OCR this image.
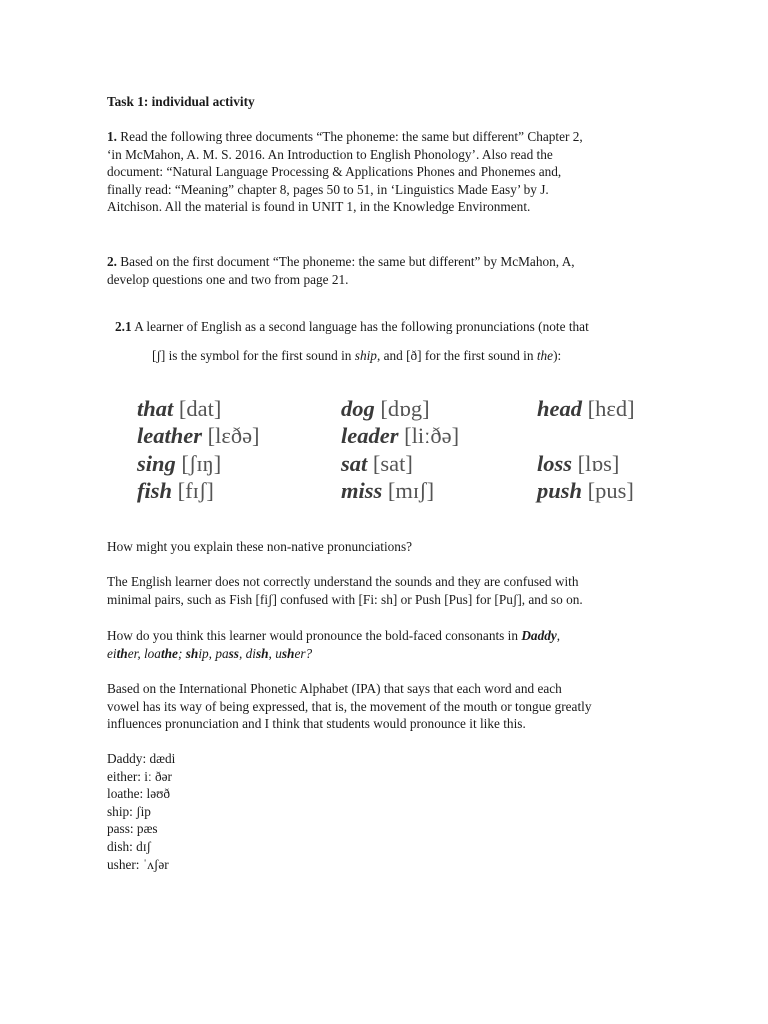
Task 1: individual activity

1. Read the following three documents “The phoneme: the same but different” Chapter 2,
‘in McMahon, A. M. S. 2016. An Introduction to English Phonology’. Also read the
document: “Natural Language Processing & Applications Phones and Phonemes and,
finally read: “Meaning” chapter 8, pages 50 to 51, in ‘Linguistics Made Easy’ by J.
Aitchison. All the material is found in UNIT 1, in the Knowledge Environment.

2. Based on the first document “The phoneme: the same but different” by McMahon, A,
develop questions one and two from page 21.

2.1 A learner of English as a second language has the following pronunciations (note that

[ʃ] is the symbol for the first sound in ship, and [ð] for the first sound in the):

that [dat]	dog [dɒg]	head [hɛd]
leather [lɛðə]	leader [liːðə]
sing [ʃɪŋ]	sat [sat]	loss [lɒs]
fish [fɪʃ]	miss [mɪʃ]	push [pus]

How might you explain these non-native pronunciations?

The English learner does not correctly understand the sounds and they are confused with
minimal pairs, such as Fish [fiʃ] confused with [Fi: sh] or Push [Pus] for [Puʃ], and so on.

How do you think this learner would pronounce the bold-faced consonants in Daddy,
either, loathe; ship, pass, dish, usher?

Based on the International Phonetic Alphabet (IPA) that says that each word and each
vowel has its way of being expressed, that is, the movement of the mouth or tongue greatly
influences pronunciation and I think that students would pronounce it like this.

Daddy: dædi
either: iː ðər
loathe: ləʊð
ship: ʃip
pass: pæs
dish: dɪʃ
usher: ˈʌʃər
